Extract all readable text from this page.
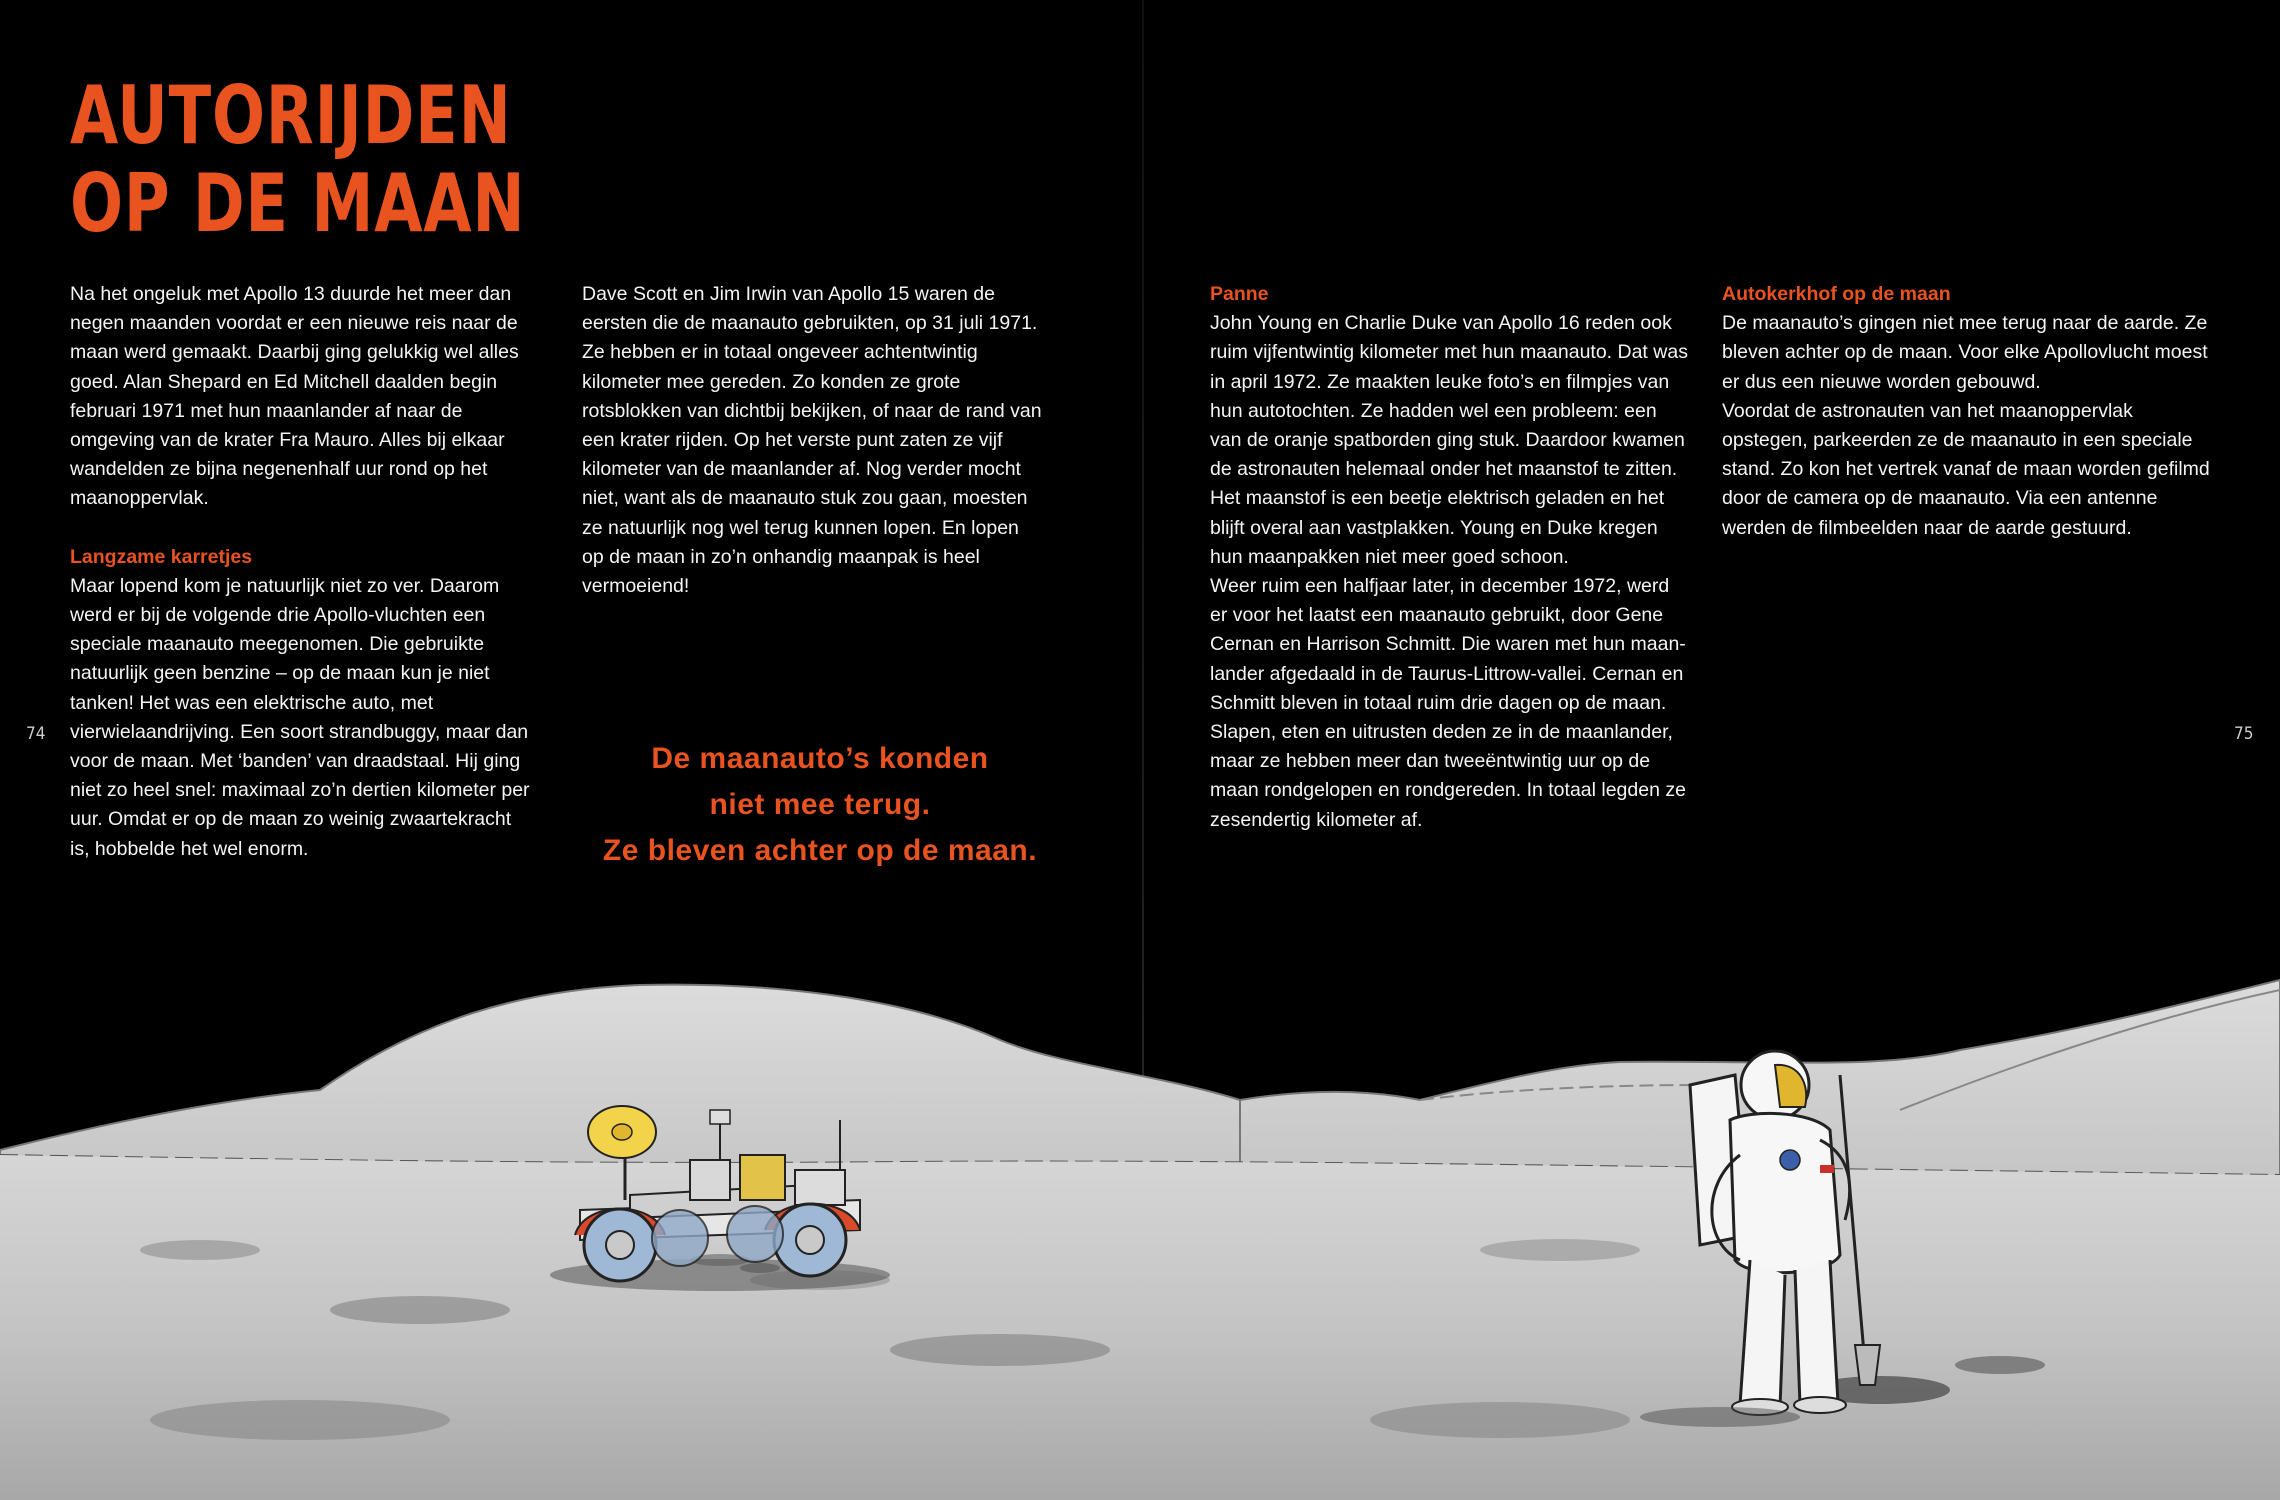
AUTORIJDEN
OP DE MAAN

Na het ongeluk met Apollo 13 duurde het meer dan negen maanden voordat er een nieuwe reis naar de maan werd gemaakt. Daarbij ging gelukkig wel alles goed. Alan Shepard en Ed Mitchell daalden begin februari 1971 met hun maanlander af naar de omgeving van de krater Fra Mauro. Alles bij elkaar wandelden ze bijna negenenhalf uur rond op het maanoppervlak.

Langzame karretjes

Maar lopend kom je natuurlijk niet zo ver. Daarom werd er bij de volgende drie Apollo-vluchten een speciale maanauto meegenomen. Die gebruikte natuurlijk geen benzine – op de maan kun je niet tanken! Het was een elektrische auto, met vierwielaandrijving. Een soort strandbuggy, maar dan voor de maan. Met ‘banden’ van draadstaal. Hij ging niet zo heel snel: maximaal zo’n dertien kilometer per uur. Omdat er op de maan zo weinig zwaartekracht is, hobbelde het wel enorm.

Dave Scott en Jim Irwin van Apollo 15 waren de eersten die de maanauto gebruikten, op 31 juli 1971. Ze hebben er in totaal ongeveer achtentwintig kilometer mee gereden. Zo konden ze grote rotsblokken van dichtbij bekijken, of naar de rand van een krater rijden. Op het verste punt zaten ze vijf kilometer van de maanlander af. Nog verder mocht niet, want als de maanauto stuk zou gaan, moesten ze natuurlijk nog wel terug kunnen lopen. En lopen op de maan in zo’n onhandig maanpak is heel vermoeiend!

De maanauto’s konden
niet mee terug.
Ze bleven achter op de maan.
Panne

John Young en Charlie Duke van Apollo 16 reden ook ruim vijfentwintig kilometer met hun maanauto. Dat was in april 1972. Ze maakten leuke foto’s en filmpjes van hun autotochten. Ze hadden wel een probleem: een van de oranje spatborden ging stuk. Daardoor kwamen de astronauten helemaal onder het maanstof te zitten. Het maanstof is een beetje elektrisch geladen en het blijft overal aan vastplakken. Young en Duke kregen hun maanpakken niet meer goed schoon.

Weer ruim een halfjaar later, in december 1972, werd er voor het laatst een maanauto gebruikt, door Gene Cernan en Harrison Schmitt. Die waren met hun maan-lander afgedaald in de Taurus-Littrow-vallei. Cernan en Schmitt bleven in totaal ruim drie dagen op de maan. Slapen, eten en uitrusten deden ze in de maanlander, maar ze hebben meer dan tweeëntwintig uur op de maan rondgelopen en rondgereden. In totaal legden ze zesendertig kilometer af.

Autokerkhof op de maan

De maanauto’s gingen niet mee terug naar de aarde. Ze bleven achter op de maan. Voor elke Apollovlucht moest er dus een nieuwe worden gebouwd.

Voordat de astronauten van het maanoppervlak opstegen, parkeerden ze de maanauto in een speciale stand. Zo kon het vertrek vanaf de maan worden gefilmd door de camera op de maanauto. Via een antenne werden de filmbeelden naar de aarde gestuurd.

74	75
